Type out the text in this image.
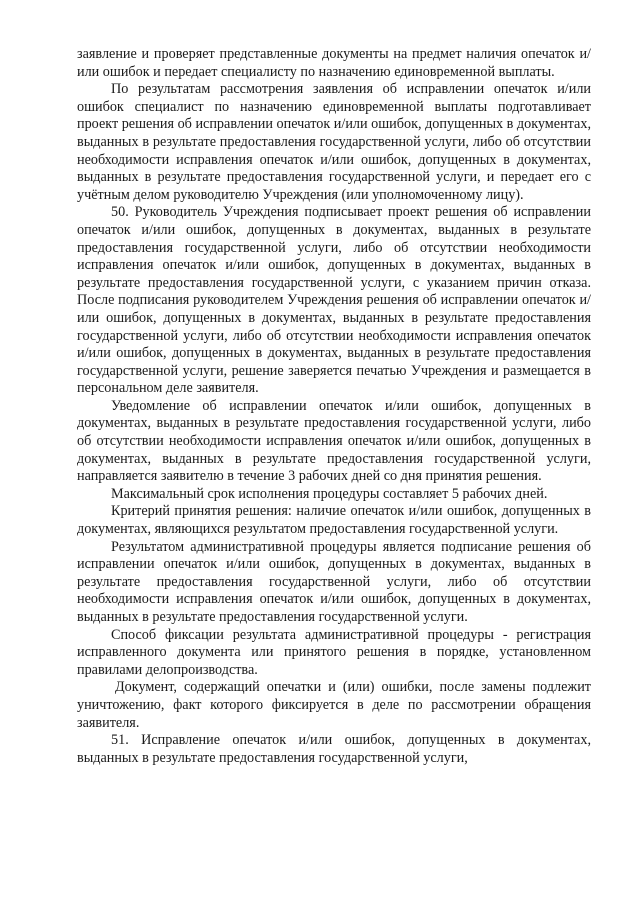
заявление и проверяет представленные документы на предмет наличия опечаток и/или ошибок и передает специалисту по назначению единовременной выплаты.

По результатам рассмотрения заявления об исправлении опечаток и/или ошибок специалист по назначению единовременной выплаты подготавливает проект решения об исправлении опечаток и/или ошибок, допущенных в документах, выданных в результате предоставления государственной услуги, либо об отсутствии необходимости исправления опечаток и/или ошибок, допущенных в документах, выданных в результате предоставления государственной услуги, и передает его с учётным делом руководителю Учреждения (или уполномоченному лицу).

50. Руководитель Учреждения подписывает проект решения об исправлении опечаток и/или ошибок, допущенных в документах, выданных в результате предоставления государственной услуги, либо об отсутствии необходимости исправления опечаток и/или ошибок, допущенных в документах, выданных в результате предоставления государственной услуги, с указанием причин отказа. После подписания руководителем Учреждения решения об исправлении опечаток и/или ошибок, допущенных в документах, выданных в результате предоставления государственной услуги, либо об отсутствии необходимости исправления опечаток и/или ошибок, допущенных в документах, выданных в результате предоставления государственной услуги, решение заверяется печатью Учреждения и размещается в персональном деле заявителя.

Уведомление об исправлении опечаток и/или ошибок, допущенных в документах, выданных в результате предоставления государственной услуги, либо об отсутствии необходимости исправления опечаток и/или ошибок, допущенных в документах, выданных в результате предоставления государственной услуги, направляется заявителю в течение 3 рабочих дней со дня принятия решения.

Максимальный срок исполнения процедуры составляет 5 рабочих дней.

Критерий принятия решения: наличие опечаток и/или ошибок, допущенных в документах, являющихся результатом предоставления государственной услуги.

Результатом административной процедуры является подписание решения об исправлении опечаток и/или ошибок, допущенных в документах, выданных в результате предоставления государственной услуги, либо об отсутствии необходимости исправления опечаток и/или ошибок, допущенных в документах, выданных в результате предоставления государственной услуги.

Способ фиксации результата административной процедуры - регистрация исправленного документа или принятого решения в порядке, установленном правилами делопроизводства.

Документ, содержащий опечатки и (или) ошибки, после замены подлежит уничтожению, факт которого фиксируется в деле по рассмотрении обращения заявителя.

51. Исправление опечаток и/или ошибок, допущенных в документах, выданных в результате предоставления государственной услуги,
